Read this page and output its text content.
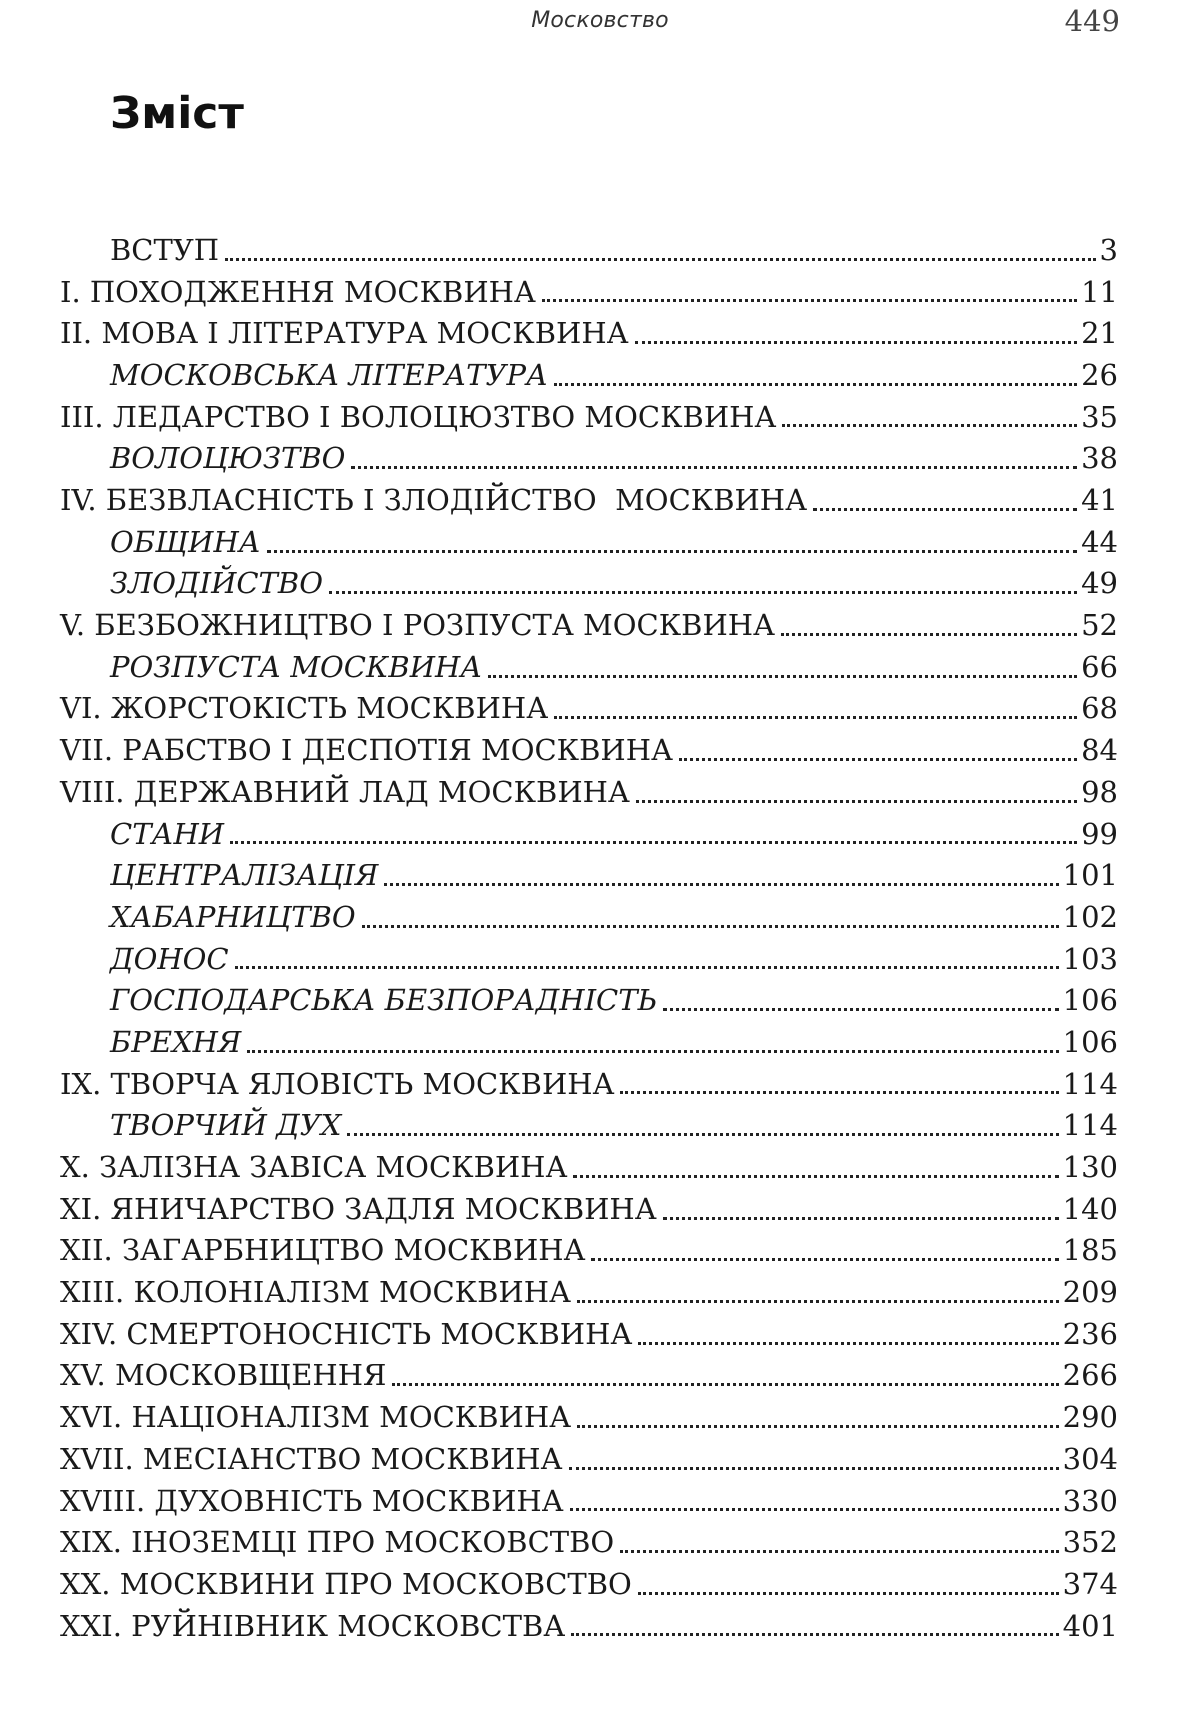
Московство	449
Зміст
ВСТУП	3
I. ПОХОДЖЕННЯ МОСКВИНА	11
II. МОВА І ЛІТЕРАТУРА МОСКВИНА	21
МОСКОВСЬКА ЛІТЕРАТУРА	26
III. ЛЕДАРСТВО І ВОЛОЦЮЗТВО МОСКВИНА	35
ВОЛОЦЮЗТВО	38
IV. БЕЗВЛАСНІСТЬ І ЗЛОДІЙСТВО  МОСКВИНА	41
ОБЩИНА	44
ЗЛОДІЙСТВО	49
V. БЕЗБОЖНИЦТВО І РОЗПУСТА МОСКВИНА	52
РОЗПУСТА МОСКВИНА	66
VI. ЖОРСТОКІСТЬ МОСКВИНА	68
VII. РАБСТВО І ДЕСПОТІЯ МОСКВИНА	84
VIII. ДЕРЖАВНИЙ ЛАД МОСКВИНА	98
СТАНИ	99
ЦЕНТРАЛІЗАЦІЯ	101
ХАБАРНИЦТВО	102
ДОНОС	103
ГОСПОДАРСЬКА БЕЗПОРАДНІСТЬ	106
БРЕХНЯ	106
IX. ТВОРЧА ЯЛОВІСТЬ МОСКВИНА	114
ТВОРЧИЙ ДУХ	114
X. ЗАЛІЗНА ЗАВІСА МОСКВИНА	130
XI. ЯНИЧАРСТВО ЗАДЛЯ МОСКВИНА	140
XII. ЗАГАРБНИЦТВО МОСКВИНА	185
XIII. КОЛОНІАЛІЗМ МОСКВИНА	209
XIV. СМЕРТОНОСНІСТЬ МОСКВИНА	236
XV. МОСКОВЩЕННЯ	266
XVI. НАЦІОНАЛІЗМ МОСКВИНА	290
XVII. МЕСІАНСТВО МОСКВИНА	304
XVIII. ДУХОВНІСТЬ МОСКВИНА	330
XIX. ІНОЗЕМЦІ ПРО МОСКОВСТВО	352
XX. МОСКВИНИ ПРО МОСКОВСТВО	374
XXI. РУЙНІВНИК МОСКОВСТВА	401
